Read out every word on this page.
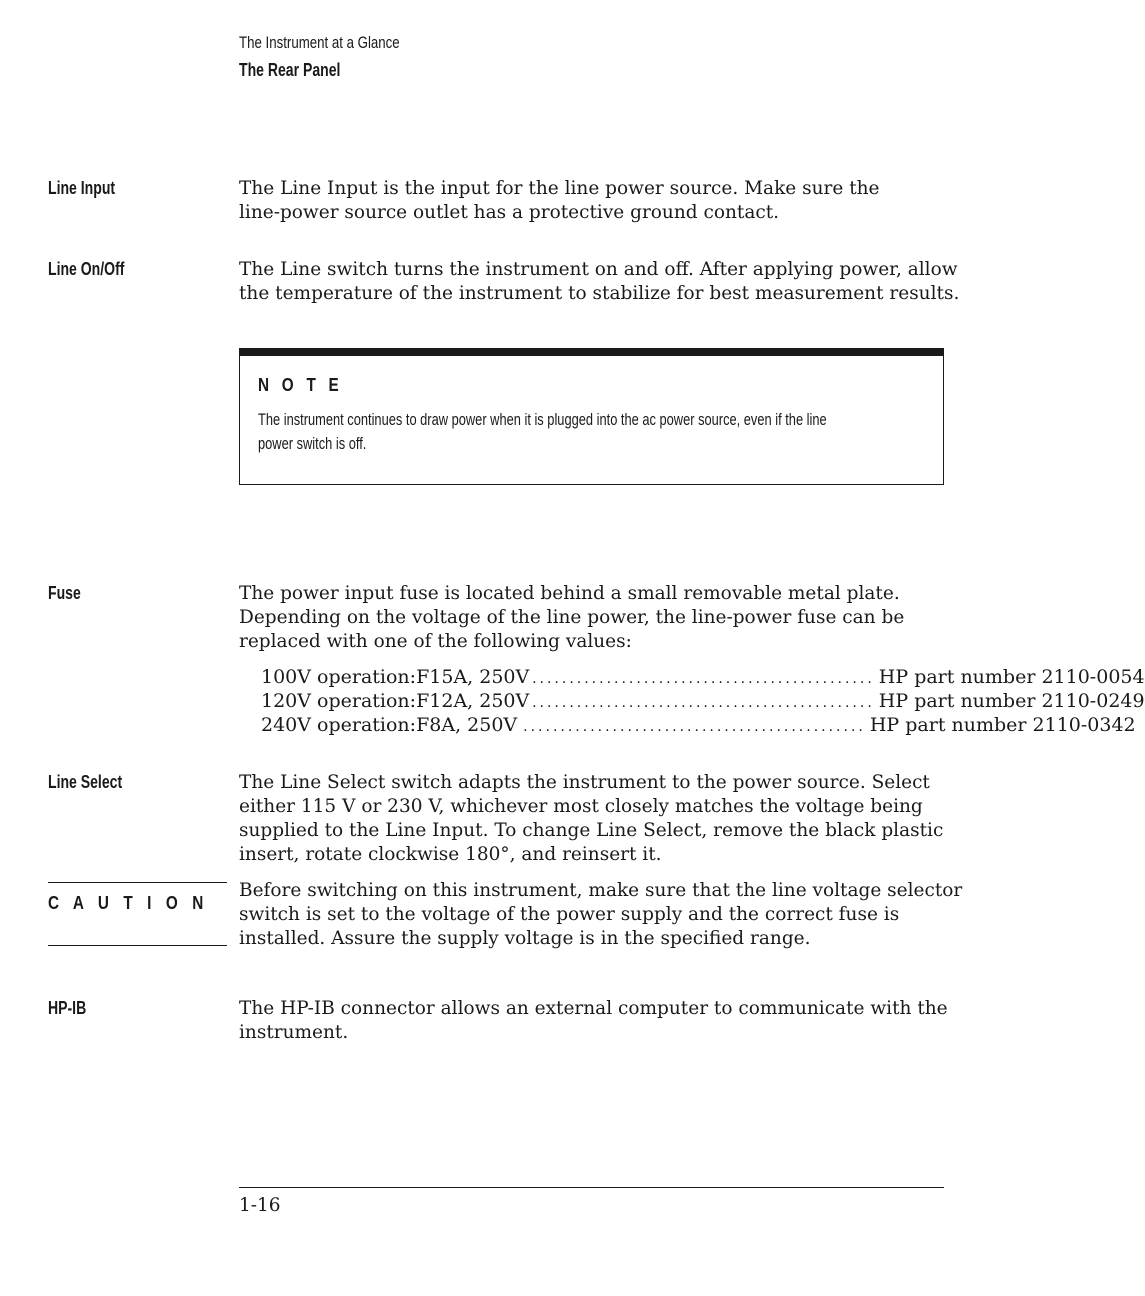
The Instrument at a Glance
The Rear Panel
Line Input	The Line Input is the input for the line power source. Make sure the
line-power source outlet has a protective ground contact.
Line On/Off	The Line switch turns the instrument on and off. After applying power, allow
the temperature of the instrument to stabilize for best measurement results.
N O T E
The instrument continues to draw power when it is plugged into the ac power source, even if the line
power switch is off.
Fuse	The power input fuse is located behind a small removable metal plate.
Depending on the voltage of the line power, the line-power fuse can be
replaced with one of the following values:
100V operation: F15A, 250V .............................................. HP part number 2110-0054
120V operation: F12A, 250V .............................................. HP part number 2110-0249
240V operation: F8A, 250V .............................................. HP part number 2110-0342
Line Select	The Line Select switch adapts the instrument to the power source. Select
either 115 V or 230 V, whichever most closely matches the voltage being
supplied to the Line Input. To change Line Select, remove the black plastic
insert, rotate clockwise 180°, and reinsert it.
C A U T I O N
Before switching on this instrument, make sure that the line voltage selector
switch is set to the voltage of the power supply and the correct fuse is
installed. Assure the supply voltage is in the specified range.
HP-IB	The HP-IB connector allows an external computer to communicate with the
instrument.
1-16
